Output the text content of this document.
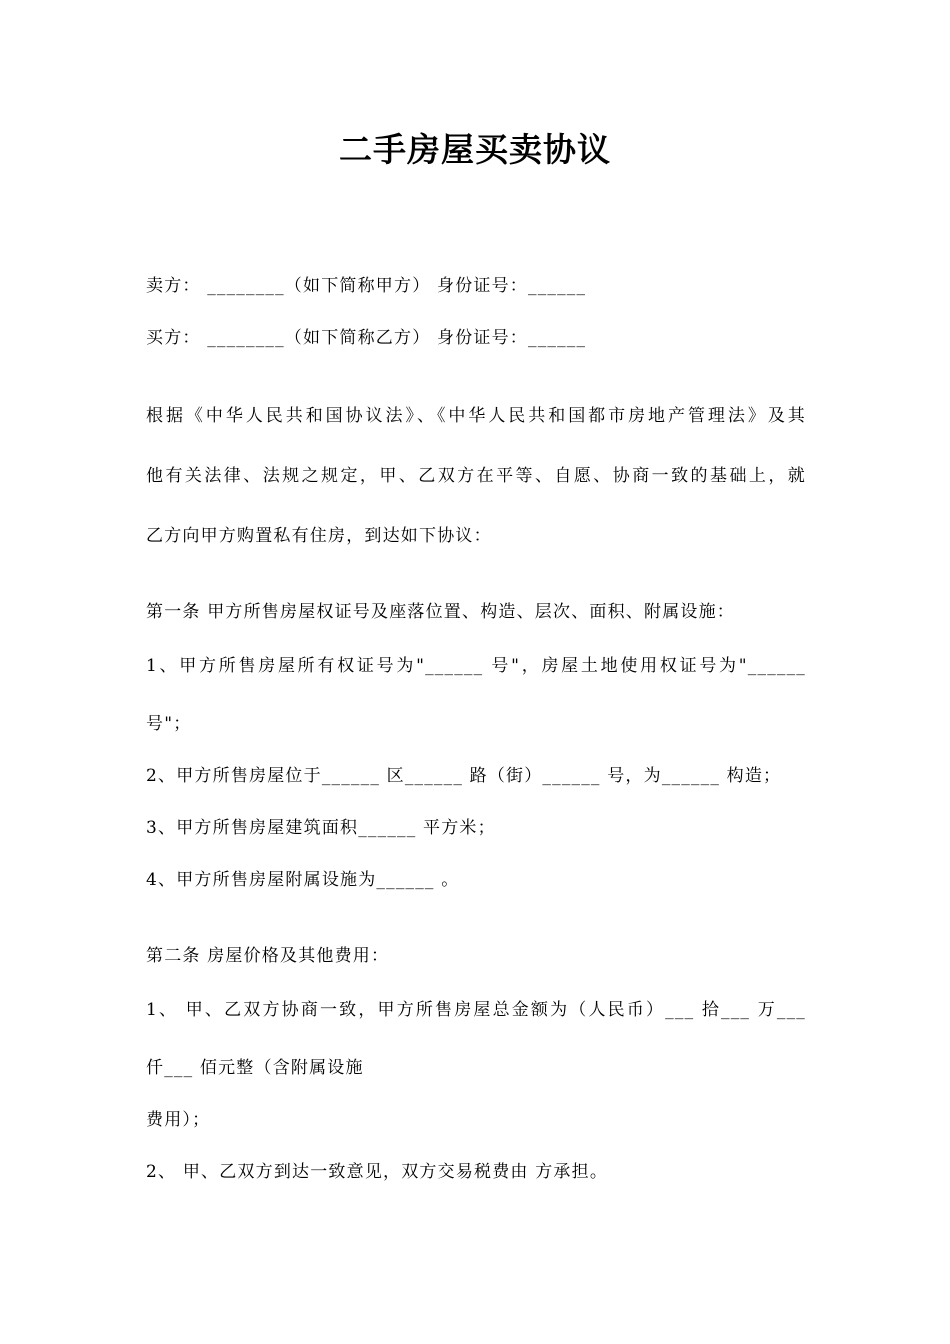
二手房屋买卖协议

卖方： ________（如下简称甲方） 身份证号：______

买方： ________（如下简称乙方） 身份证号：______

根据《中华人民共和国协议法》、《中华人民共和国都市房地产管理法》及其

他有关法律、法规之规定，甲、乙双方在平等、自愿、协商一致的基础上，就

乙方向甲方购置私有住房，到达如下协议：

第一条 甲方所售房屋权证号及座落位置、构造、层次、面积、附属设施：

1、甲方所售房屋所有权证号为"______ 号"，房屋土地使用权证号为"______

号"；

2、甲方所售房屋位于______ 区______ 路（街）______ 号，为______ 构造；

3、甲方所售房屋建筑面积______ 平方米；

4、甲方所售房屋附属设施为______ 。

第二条 房屋价格及其他费用：

1、 甲、乙双方协商一致，甲方所售房屋总金额为（人民币）___ 拾___ 万___

仟___ 佰元整（含附属设施

费用）；

2、 甲、乙双方到达一致意见，双方交易税费由 方承担。
